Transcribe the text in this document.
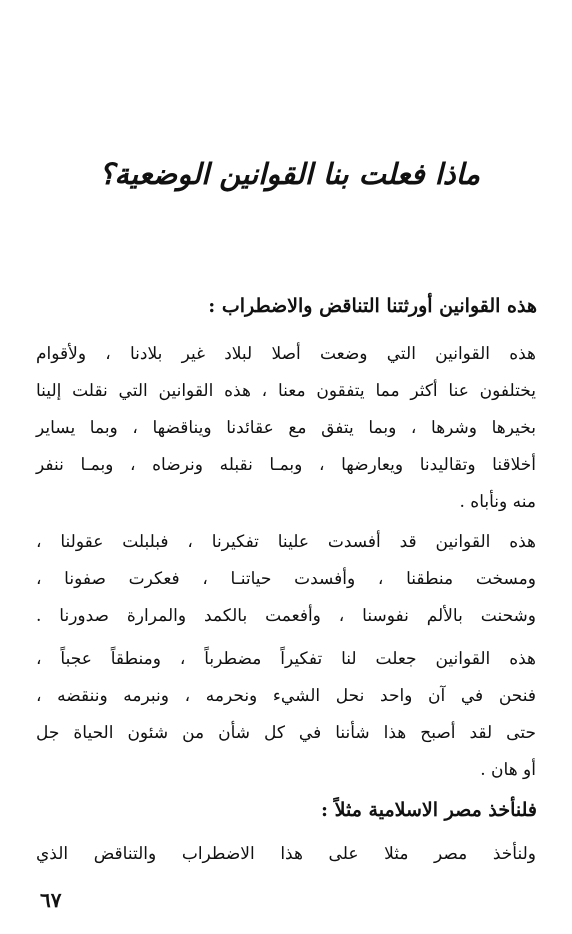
ماذا فعلت بنا القوانين الوضعية؟
هذه القوانين أورثتنا التناقض والاضطراب :
هذه القوانين التي وضعت أصلا لبلاد غير بلادنا ، ولأقوام
يختلفون عنا أكثر مما يتفقون معنا ، هذه القوانين التي نقلت إلينا
بخيرها وشرها ، وبما يتفق مع عقائدنا ويناقضها ، وبما يساير
أخلاقنا وتقاليدنا ويعارضها ، وبمـا نقبله ونرضاه ، وبمـا ننفر
منه ونأباه .
هذه القوانين قد أفسدت علينا تفكيرنا ، فبلبلت عقولنا ،
ومسخت منطقنا ، وأفسدت حياتنـا ، فعكرت صفونا ،
وشحنت بالألم نفوسنا ، وأفعمت بالكمد والمرارة صدورنا .
هذه القوانين جعلت لنا تفكيراً مضطرباً ، ومنطقاً عجباً ،
فنحن في آن واحد نحل الشيء ونحرمه ، ونبرمه وننقضه ،
حتى لقد أصبح هذا شأننا في كل شأن من شئون الحياة جل
أو هان .
فلنأخذ مصر الاسلامية مثلاً :
ولنأخذ مصر مثلا على هذا الاضطراب والتناقض الذي
٦٧
